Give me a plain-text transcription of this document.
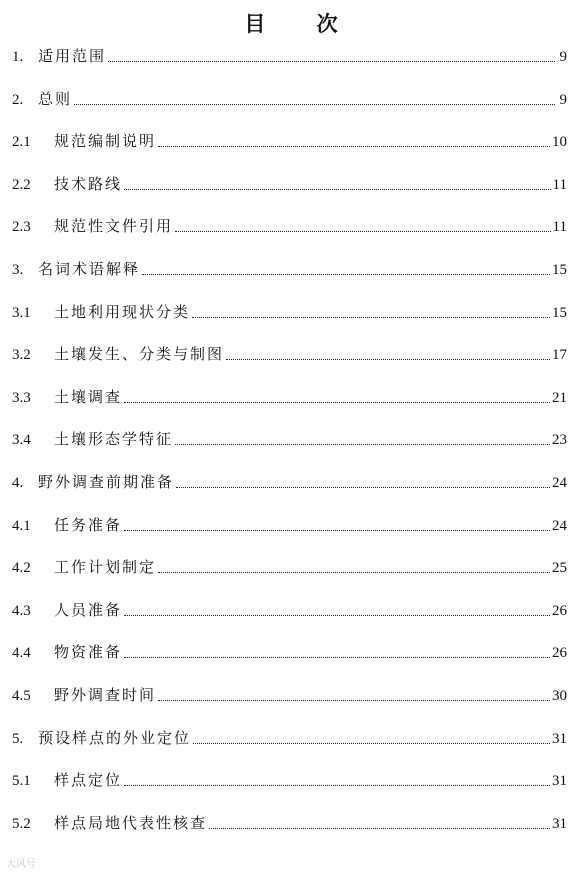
目 次
1. 适用范围	9
2. 总则	9
2.1	规范编制说明	10
2.2	技术路线	11
2.3	规范性文件引用	11
3. 名词术语解释	15
3.1	土地利用现状分类	15
3.2	土壤发生、分类与制图	17
3.3	土壤调查	21
3.4	土壤形态学特征	23
4. 野外调查前期准备	24
4.1	任务准备	24
4.2	工作计划制定	25
4.3	人员准备	26
4.4	物资准备	26
4.5	野外调查时间	30
5. 预设样点的外业定位	31
5.1	样点定位	31
5.2	样点局地代表性核查	31
大风号
